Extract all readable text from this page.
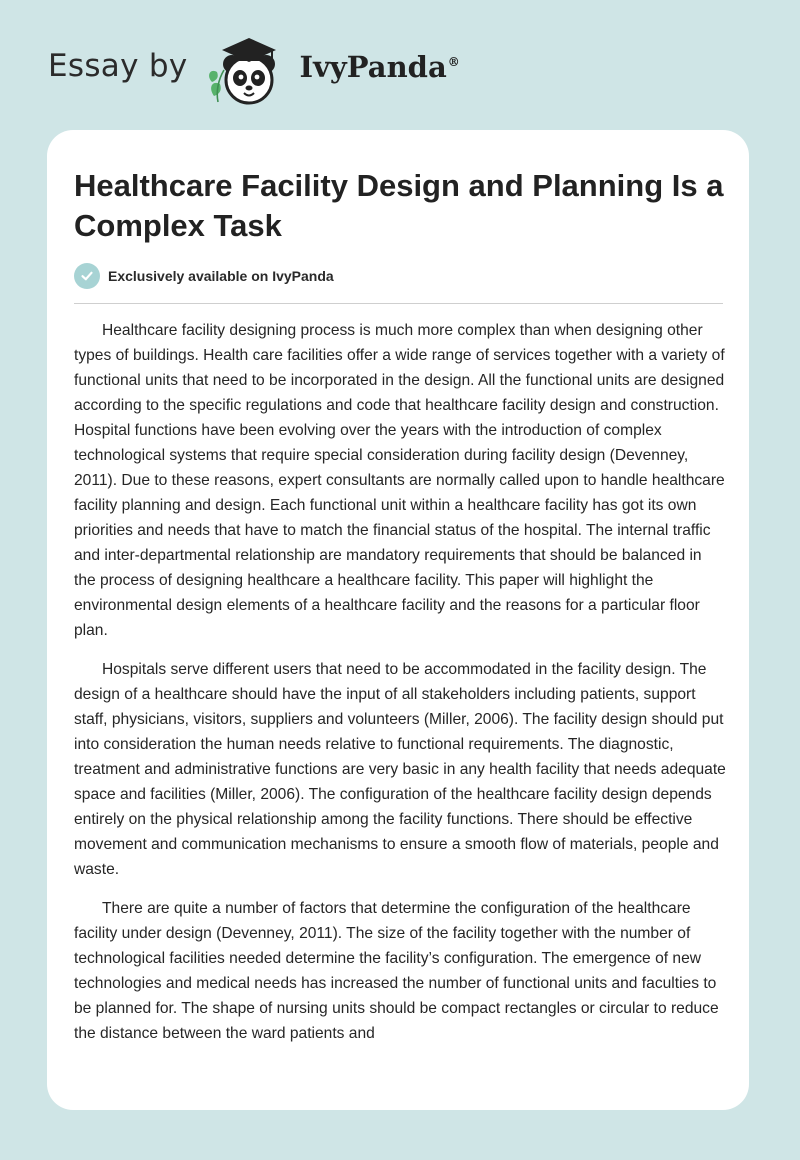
Essay by	IvyPanda®
Healthcare Facility Design and Planning Is a Complex Task
Exclusively available on IvyPanda

Healthcare facility designing process is much more complex than when designing other types of buildings. Health care facilities offer a wide range of services together with a variety of functional units that need to be incorporated in the design. All the functional units are designed according to the specific regulations and code that healthcare facility design and construction. Hospital functions have been evolving over the years with the introduction of complex technological systems that require special consideration during facility design (Devenney, 2011). Due to these reasons, expert consultants are normally called upon to handle healthcare facility planning and design. Each functional unit within a healthcare facility has got its own priorities and needs that have to match the financial status of the hospital. The internal traffic and inter-departmental relationship are mandatory requirements that should be balanced in the process of designing healthcare a healthcare facility. This paper will highlight the environmental design elements of a healthcare facility and the reasons for a particular floor plan.

Hospitals serve different users that need to be accommodated in the facility design. The design of a healthcare should have the input of all stakeholders including patients, support staff, physicians, visitors, suppliers and volunteers (Miller, 2006). The facility design should put into consideration the human needs relative to functional requirements. The diagnostic, treatment and administrative functions are very basic in any health facility that needs adequate space and facilities (Miller, 2006). The configuration of the healthcare facility design depends entirely on the physical relationship among the facility functions. There should be effective movement and communication mechanisms to ensure a smooth flow of materials, people and waste.

There are quite a number of factors that determine the configuration of the healthcare facility under design (Devenney, 2011). The size of the facility together with the number of technological facilities needed determine the facility’s configuration. The emergence of new technologies and medical needs has increased the number of functional units and faculties to be planned for. The shape of nursing units should be compact rectangles or circular to reduce the distance between the ward patients and
